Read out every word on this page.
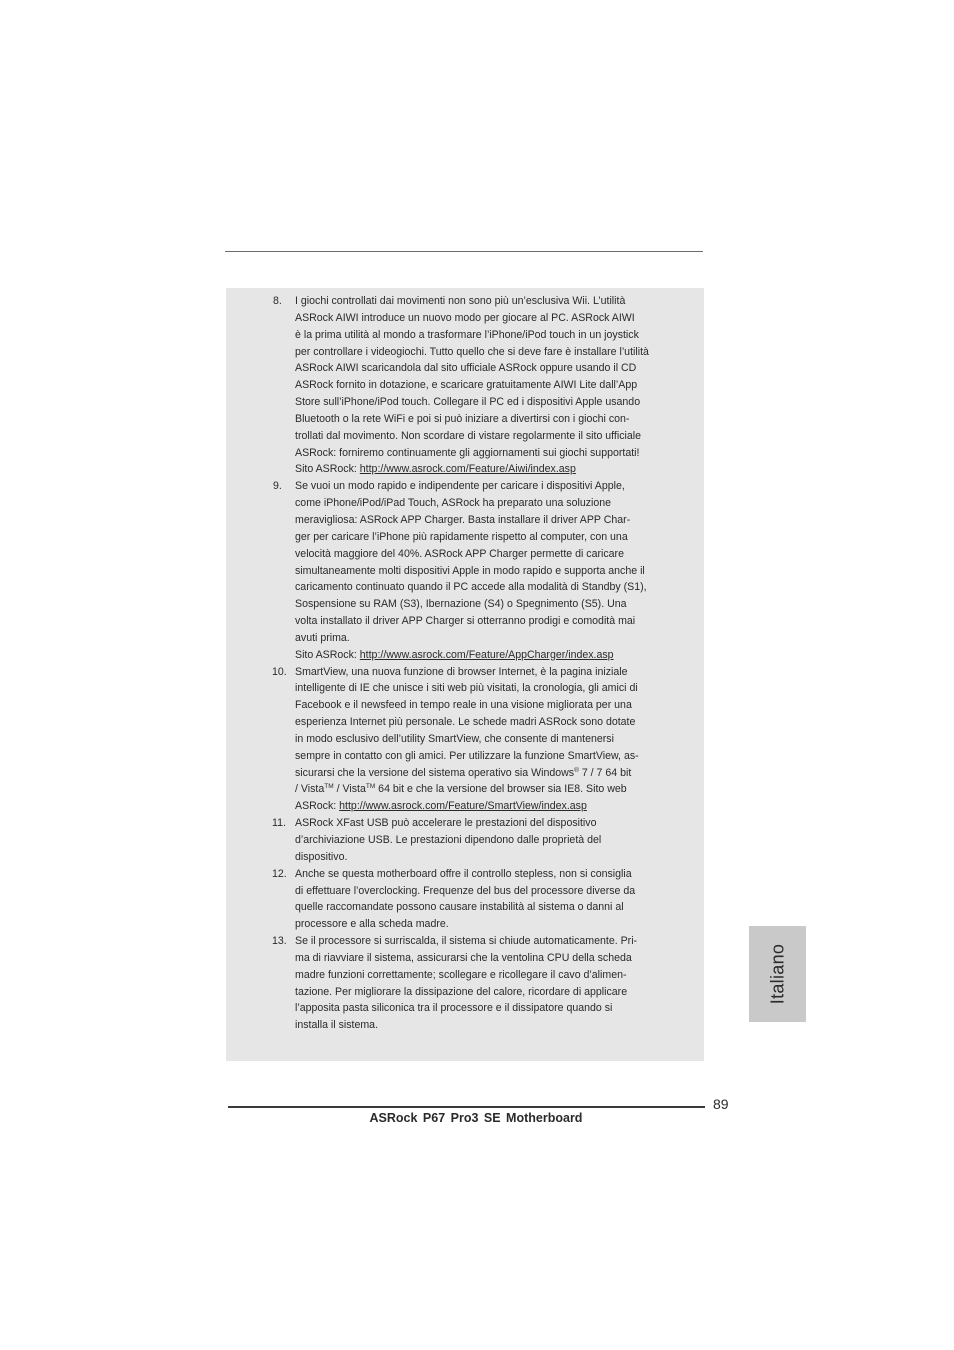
8.	I giochi controllati dai movimenti non sono più un’esclusiva Wii. L’utilità
ASRock AIWI introduce un nuovo modo per giocare al PC. ASRock AIWI
è la prima utilità al mondo a trasformare l’iPhone/iPod touch in un joystick
per controllare i videogiochi. Tutto quello che si deve fare è installare l’utilità
ASRock AIWI scaricandola dal sito ufficiale ASRock oppure usando il CD
ASRock fornito in dotazione, e scaricare gratuitamente AIWI Lite dall’App
Store sull’iPhone/iPod touch. Collegare il PC ed i dispositivi Apple usando
Bluetooth o la rete WiFi e poi si può iniziare a divertirsi con i giochi con-
trollati dal movimento. Non scordare di vistare regolarmente il sito ufficiale
ASRock: forniremo continuamente gli aggiornamenti sui giochi supportati!
Sito ASRock: http://www.asrock.com/Feature/Aiwi/index.asp
9.	Se vuoi un modo rapido e indipendente per caricare i dispositivi Apple,
come iPhone/iPod/iPad Touch, ASRock ha preparato una soluzione
meravigliosa: ASRock APP Charger. Basta installare il driver APP Char-
ger per caricare l’iPhone più rapidamente rispetto al computer, con una
velocità maggiore del 40%. ASRock APP Charger permette di caricare
simultaneamente molti dispositivi Apple in modo rapido e supporta anche il
caricamento continuato quando il PC accede alla modalità di Standby (S1),
Sospensione su RAM (S3), Ibernazione (S4) o Spegnimento (S5). Una
volta installato il driver APP Charger si otterranno prodigi e comodità mai
avuti prima.
Sito ASRock: http://www.asrock.com/Feature/AppCharger/index.asp
10. SmartView, una nuova funzione di browser Internet, è la pagina iniziale
intelligente di IE che unisce i siti web più visitati, la cronologia, gli amici di
Facebook e il newsfeed in tempo reale in una visione migliorata per una
esperienza Internet più personale. Le schede madri ASRock sono dotate
in modo esclusivo dell’utility SmartView, che consente di mantenersi
sempre in contatto con gli amici. Per utilizzare la funzione SmartView, as-
sicurarsi che la versione del sistema operativo sia Windows® 7 / 7 64 bit
/ Vista™ / Vista™ 64 bit e che la versione del browser sia IE8. Sito web
ASRock: http://www.asrock.com/Feature/SmartView/index.asp
11. ASRock XFast USB può accelerare le prestazioni del dispositivo
d’archiviazione USB. Le prestazioni dipendono dalle proprietà del
dispositivo.
12. Anche se questa motherboard offre il controllo stepless, non si consiglia
di effettuare l’overclocking. Frequenze del bus del processore diverse da
quelle raccomandate possono causare instabilità al sistema o danni al
processore e alla scheda madre.
13. Se il processore si surriscalda, il sistema si chiude automaticamente. Pri-
ma di riavviare il sistema, assicurarsi che la ventolina CPU della scheda
madre funzioni correttamente; scollegare e ricollegare il cavo d’alimen-
tazione. Per migliorare la dissipazione del calore, ricordare di applicare
l’apposita pasta siliconica tra il processore e il dissipatore quando si
installa il sistema.
Italiano
89
ASRock P67 Pro3 SE Motherboard
